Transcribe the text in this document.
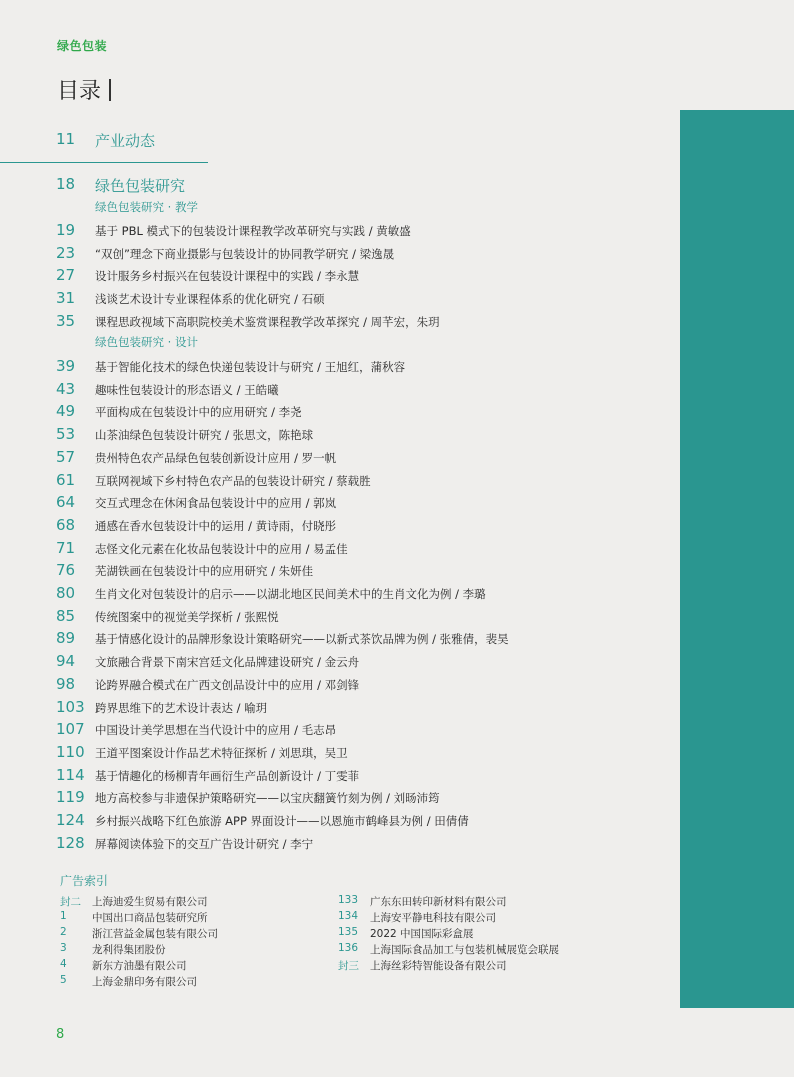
绿色包装
目录
11 产业动态
18 绿色包装研究
绿色包装研究 · 教学
19 基于 PBL 模式下的包装设计课程教学改革研究与实践 / 黄敏盛
23 “双创”理念下商业摄影与包装设计的协同教学研究 / 梁逸晟
27 设计服务乡村振兴在包装设计课程中的实践 / 李永慧
31 浅谈艺术设计专业课程体系的优化研究 / 石硕
35 课程思政视域下高职院校美术鉴赏课程教学改革探究 / 周芊宏，朱玥
绿色包装研究 · 设计
39 基于智能化技术的绿色快递包装设计与研究 / 王旭红，蒲秋容
43 趣味性包装设计的形态语义 / 王皓曦
49 平面构成在包装设计中的应用研究 / 李尧
53 山茶油绿色包装设计研究 / 张思文，陈艳球
57 贵州特色农产品绿色包装创新设计应用 / 罗一帆
61 互联网视域下乡村特色农产品的包装设计研究 / 蔡载胜
64 交互式理念在休闲食品包装设计中的应用 / 郭岚
68 通感在香水包装设计中的运用 / 黄诗雨，付晓彤
71 志怪文化元素在化妆品包装设计中的应用 / 易孟佳
76 芜湖铁画在包装设计中的应用研究 / 朱妍佳
80 生肖文化对包装设计的启示——以湖北地区民间美术中的生肖文化为例 / 李璐
85 传统图案中的视觉美学探析 / 张熙悦
89 基于情感化设计的品牌形象设计策略研究——以新式茶饮品牌为例 / 张雅倩，裴昊
94 文旅融合背景下南宋宫廷文化品牌建设研究 / 金云舟
98 论跨界融合模式在广西文创品设计中的应用 / 邓剑锋
103 跨界思维下的艺术设计表达 / 喻玥
107 中国设计美学思想在当代设计中的应用 / 毛志昂
110 王道平图案设计作品艺术特征探析 / 刘思琪，吴卫
114 基于情趣化的杨柳青年画衍生产品创新设计 / 丁雯菲
119 地方高校参与非遗保护策略研究——以宝庆翻簧竹刻为例 / 刘旸沛筠
124 乡村振兴战略下红色旅游 APP 界面设计——以恩施市鹤峰县为例 / 田倩倩
128 屏幕阅读体验下的交互广告设计研究 / 李宁
广告索引
封二 上海迪爱生贸易有限公司
1 中国出口商品包装研究所
2 浙江营益金属包装有限公司
3 龙利得集团股份
4 新东方油墨有限公司
5 上海金鼎印务有限公司
133 广东东田转印新材料有限公司
134 上海安平静电科技有限公司
135 2022 中国国际彩盒展
136 上海国际食品加工与包装机械展览会联展
封三 上海丝彩特智能设备有限公司
8
